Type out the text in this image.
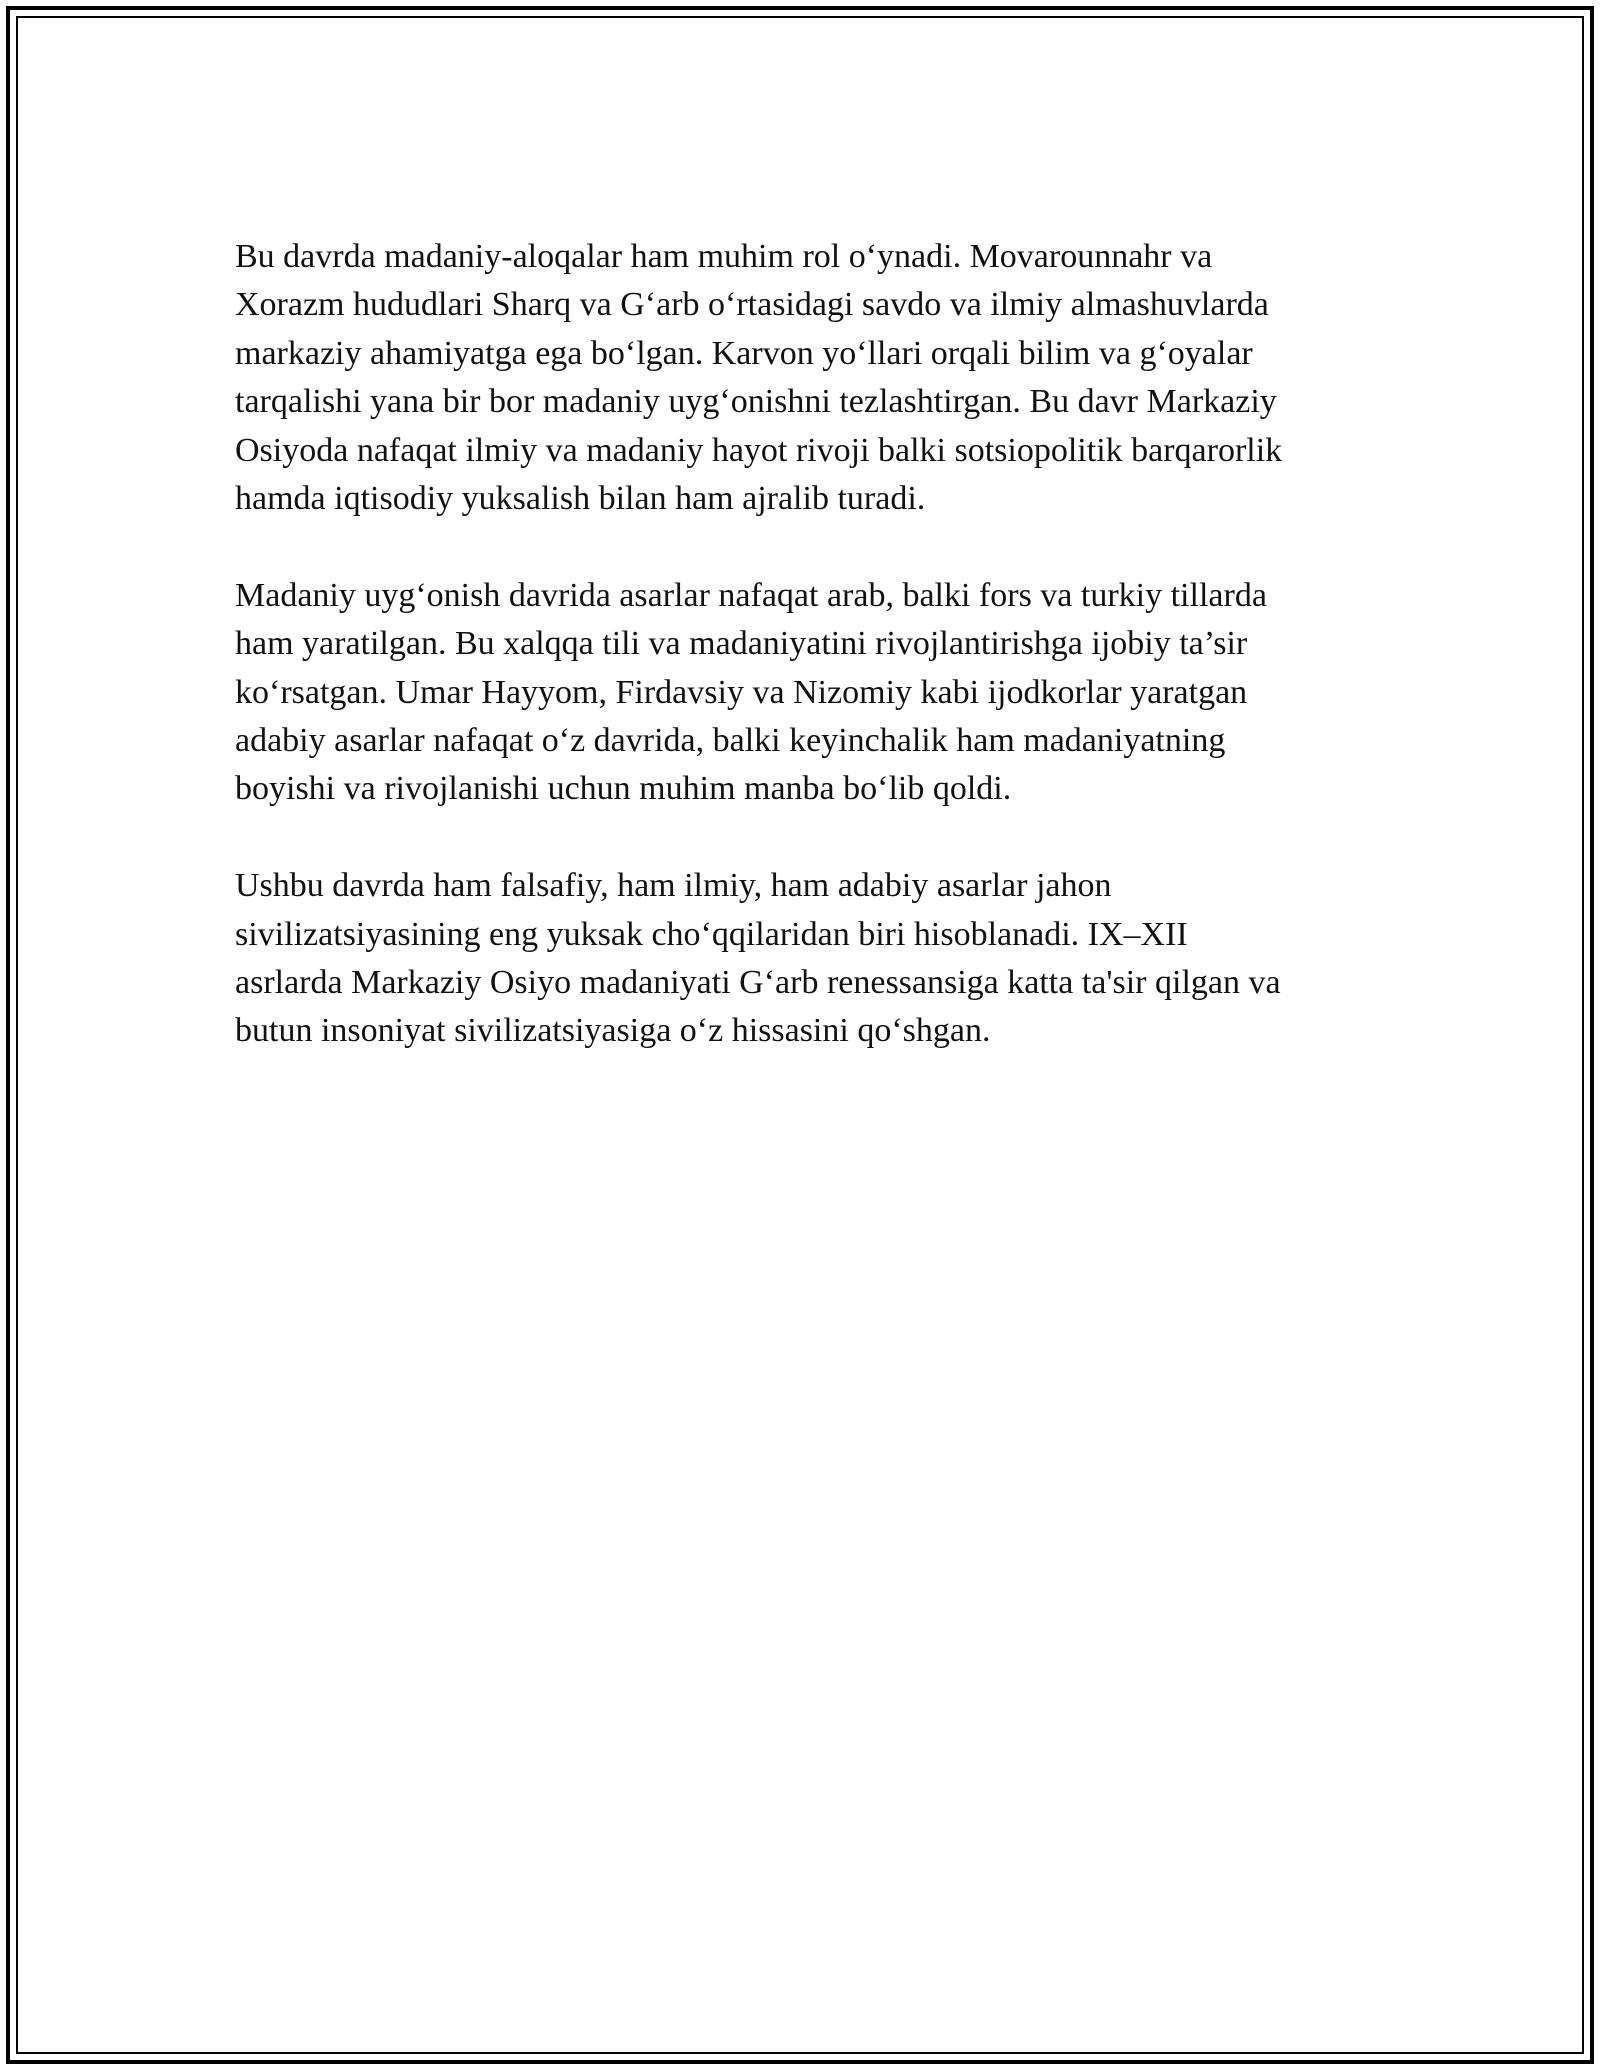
Bu davrda madaniy-aloqalar ham muhim rol o‘ynadi. Movarounnahr va
Xorazm hududlari Sharq va G‘arb o‘rtasidagi savdo va ilmiy almashuvlarda
markaziy ahamiyatga ega bo‘lgan. Karvon yo‘llari orqali bilim va g‘oyalar
tarqalishi yana bir bor madaniy uyg‘onishni tezlashtirgan. Bu davr Markaziy
Osiyoda nafaqat ilmiy va madaniy hayot rivoji balki sotsiopolitik barqarorlik
hamda iqtisodiy yuksalish bilan ham ajralib turadi.

Madaniy uyg‘onish davrida asarlar nafaqat arab, balki fors va turkiy tillarda
ham yaratilgan. Bu xalqqa tili va madaniyatini rivojlantirishga ijobiy ta’sir
ko‘rsatgan. Umar Hayyom, Firdavsiy va Nizomiy kabi ijodkorlar yaratgan
adabiy asarlar nafaqat o‘z davrida, balki keyinchalik ham madaniyatning
boyishi va rivojlanishi uchun muhim manba bo‘lib qoldi.

Ushbu davrda ham falsafiy, ham ilmiy, ham adabiy asarlar jahon
sivilizatsiyasining eng yuksak cho‘qqilaridan biri hisoblanadi. IX–XII
asrlarda Markaziy Osiyo madaniyati G‘arb renessansiga katta ta'sir qilgan va
butun insoniyat sivilizatsiyasiga o‘z hissasini qo‘shgan.
